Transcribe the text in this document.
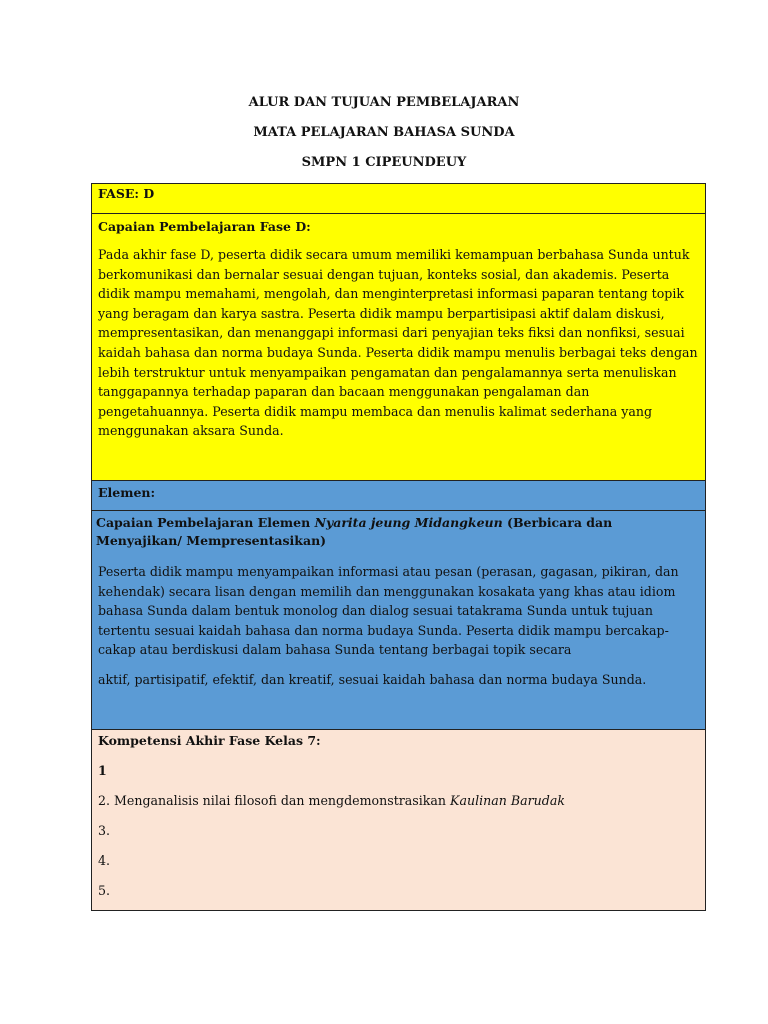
ALUR DAN TUJUAN PEMBELAJARAN
MATA PELAJARAN BAHASA SUNDA
SMPN 1 CIPEUNDEUY
FASE: D
Capaian Pembelajaran Fase D:

Pada akhir fase D, peserta didik secara umum memiliki kemampuan berbahasa Sunda untuk berkomunikasi dan bernalar sesuai dengan tujuan, konteks sosial, dan akademis. Peserta didik mampu memahami, mengolah, dan menginterpretasi informasi paparan tentang topik yang beragam dan karya sastra. Peserta didik mampu berpartisipasi aktif dalam diskusi, mempresentasikan, dan menanggapi informasi dari penyajian teks fiksi dan nonfiksi, sesuai kaidah bahasa dan norma budaya Sunda. Peserta didik mampu menulis berbagai teks dengan lebih terstruktur untuk menyampaikan pengamatan dan pengalamannya serta menuliskan tanggapannya terhadap paparan dan bacaan menggunakan pengalaman dan pengetahuannya. Peserta didik mampu membaca dan menulis kalimat sederhana yang menggunakan aksara Sunda.

Elemen:
Capaian Pembelajaran Elemen Nyarita jeung Midangkeun (Berbicara dan Menyajikan/ Mempresentasikan)

Peserta didik mampu menyampaikan informasi atau pesan (perasan, gagasan, pikiran, dan kehendak) secara lisan dengan memilih dan menggunakan kosakata yang khas atau idiom bahasa Sunda dalam bentuk monolog dan dialog sesuai tatakrama Sunda untuk tujuan tertentu sesuai kaidah bahasa dan norma budaya Sunda. Peserta didik mampu bercakap-cakap atau berdiskusi dalam bahasa Sunda tentang berbagai topik secara

aktif, partisipatif, efektif, dan kreatif, sesuai kaidah bahasa dan norma budaya Sunda.

Kompetensi Akhir Fase Kelas 7:
1
2. Menganalisis nilai filosofi dan mengdemonstrasikan Kaulinan Barudak
3.
4.
5.
